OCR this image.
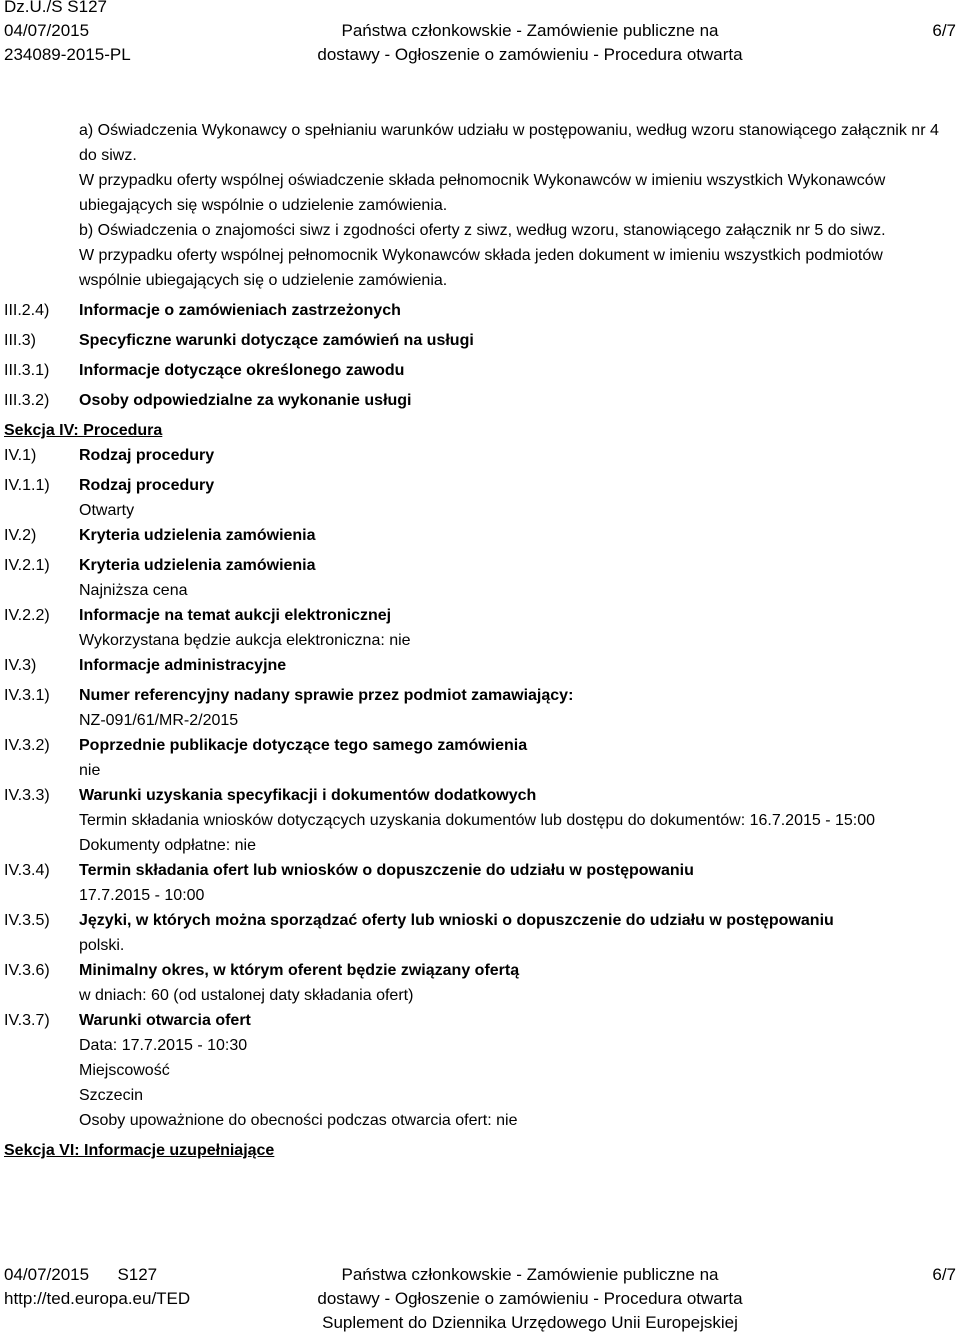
Dz.U./S S127
04/07/2015	Państwa członkowskie - Zamówienie publiczne na	6/7
234089-2015-PL	dostawy - Ogłoszenie o zamówieniu - Procedura otwarta

a) Oświadczenia Wykonawcy o spełnianiu warunków udziału w postępowaniu, według wzoru stanowiącego załącznik nr 4 do siwz.

W przypadku oferty wspólnej oświadczenie składa pełnomocnik Wykonawców w imieniu wszystkich Wykonawców ubiegających się wspólnie o udzielenie zamówienia.

b) Oświadczenia o znajomości siwz i zgodności oferty z siwz, według wzoru, stanowiącego załącznik nr 5 do siwz.

W przypadku oferty wspólnej pełnomocnik Wykonawców składa jeden dokument w imieniu wszystkich podmiotów wspólnie ubiegających się o udzielenie zamówienia.

III.2.4)	Informacje o zamówieniach zastrzeżonych
III.3)	Specyficzne warunki dotyczące zamówień na usługi
III.3.1)	Informacje dotyczące określonego zawodu
III.3.2)	Osoby odpowiedzialne za wykonanie usługi
Sekcja IV: Procedura
IV.1)	Rodzaj procedury
IV.1.1)	Rodzaj procedury
Otwarty
IV.2)	Kryteria udzielenia zamówienia
IV.2.1)	Kryteria udzielenia zamówienia
Najniższa cena
IV.2.2)	Informacje na temat aukcji elektronicznej
Wykorzystana będzie aukcja elektroniczna: nie
IV.3)	Informacje administracyjne
IV.3.1)	Numer referencyjny nadany sprawie przez podmiot zamawiający:
NZ-091/61/MR-2/2015
IV.3.2)	Poprzednie publikacje dotyczące tego samego zamówienia
nie
IV.3.3)	Warunki uzyskania specyfikacji i dokumentów dodatkowych
Termin składania wniosków dotyczących uzyskania dokumentów lub dostępu do dokumentów: 16.7.2015 - 15:00
Dokumenty odpłatne: nie
IV.3.4)	Termin składania ofert lub wniosków o dopuszczenie do udziału w postępowaniu
17.7.2015 - 10:00
IV.3.5)	Języki, w których można sporządzać oferty lub wnioski o dopuszczenie do udziału w postępowaniu
polski.
IV.3.6)	Minimalny okres, w którym oferent będzie związany ofertą
w dniach: 60 (od ustalonej daty składania ofert)
IV.3.7)	Warunki otwarcia ofert
Data: 17.7.2015 - 10:30
Miejscowość
Szczecin
Osoby upoważnione do obecności podczas otwarcia ofert: nie
Sekcja VI: Informacje uzupełniające
04/07/2015 S127	Państwa członkowskie - Zamówienie publiczne na	6/7
http://ted.europa.eu/TED	dostawy - Ogłoszenie o zamówieniu - Procedura otwarta
Suplement do Dziennika Urzędowego Unii Europejskiej
